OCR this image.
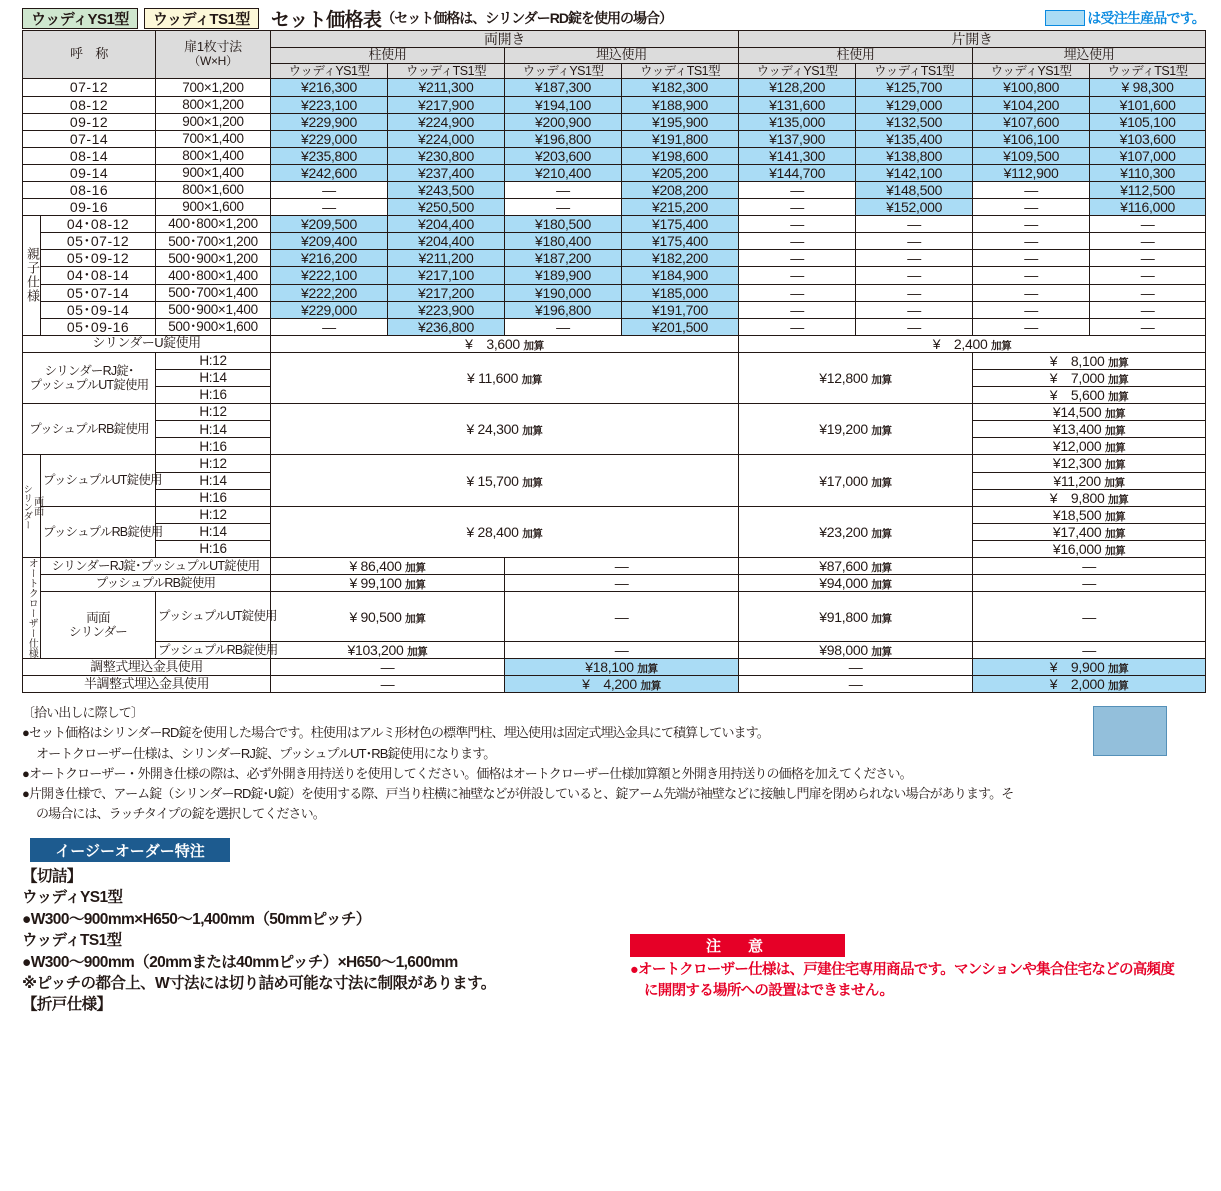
ウッディYS1型	ウッディTS1型	セット価格表 （セット価格は、シリンダーRD錠を使用の場合）	は受注生産品です。
呼　称		扉1枚寸法
（W×H）	両開き				片開き			
			柱使用		埋込使用		柱使用		埋込使用	
			ウッディYS1型	ウッディTS1型	ウッディYS1型	ウッディTS1型	ウッディYS1型	ウッディTS1型	ウッディYS1型	ウッディTS1型
07-12		700×1,200	¥216,300	¥211,300	¥187,300	¥182,300	¥128,200	¥125,700	¥100,800	¥ 98,300
08-12		800×1,200	¥223,100	¥217,900	¥194,100	¥188,900	¥131,600	¥129,000	¥104,200	¥101,600
09-12		900×1,200	¥229,900	¥224,900	¥200,900	¥195,900	¥135,000	¥132,500	¥107,600	¥105,100
07-14		700×1,400	¥229,000	¥224,000	¥196,800	¥191,800	¥137,900	¥135,400	¥106,100	¥103,600
08-14		800×1,400	¥235,800	¥230,800	¥203,600	¥198,600	¥141,300	¥138,800	¥109,500	¥107,000
09-14		900×1,400	¥242,600	¥237,400	¥210,400	¥205,200	¥144,700	¥142,100	¥112,900	¥110,300
08-16		800×1,600	—	¥243,500	—	¥208,200	—	¥148,500	—	¥112,500
09-16		900×1,600	—	¥250,500	—	¥215,200	—	¥152,000	—	¥116,000

親子仕様	04･08-12	400･800×1,200	¥209,500	¥204,400	¥180,500	¥175,400	—	—	—	—
	05･07-12	500･700×1,200	¥209,400	¥204,400	¥180,400	¥175,400	—	—	—	—
	05･09-12	500･900×1,200	¥216,200	¥211,200	¥187,200	¥182,200	—	—	—	—
	04･08-14	400･800×1,400	¥222,100	¥217,100	¥189,900	¥184,900	—	—	—	—
	05･07-14	500･700×1,400	¥222,200	¥217,200	¥190,000	¥185,000	—	—	—	—
	05･09-14	500･900×1,400	¥229,000	¥223,900	¥196,800	¥191,700	—	—	—	—
	05･09-16	500･900×1,600	—	¥236,800	—	¥201,500	—	—	—	—
シリンダーU錠使用			¥　3,600 加算				¥　2,400 加算			

シリンダーRJ錠･
プッシュプルUT錠使用		H:12	¥ 11,600 加算				¥12,800 加算		¥　8,100 加算	
		H:14							¥　7,000 加算	
		H:16							¥　5,600 加算	

プッシュプルRB錠使用		H:12	¥ 24,300 加算				¥19,200 加算		¥14,500 加算	
		H:14							¥13,400 加算	
		H:16							¥12,000 加算	

シリンダー 両面	プッシュプルUT錠使用	H:12	¥ 15,700 加算				¥17,000 加算		¥12,300 加算	
		H:14							¥11,200 加算	
		H:16							¥　9,800 加算	
	プッシュプルRB錠使用	H:12	¥ 28,400 加算				¥23,200 加算		¥18,500 加算	
		H:14							¥17,400 加算	
		H:16							¥16,000 加算	

オートクローザー仕様	シリンダーRJ錠･プッシュプルUT錠使用		¥ 86,400 加算		—		¥87,600 加算		—	
	プッシュプルRB錠使用		¥ 99,100 加算		—		¥94,000 加算		—	

	両面
シリンダー	プッシュプルUT錠使用	¥ 90,500 加算		—		¥91,800 加算		—	
		プッシュプルRB錠使用	¥103,200 加算		—		¥98,000 加算		—	
調整式埋込金具使用			—		¥18,100 加算		—		¥　9,900 加算	
半調整式埋込金具使用			—		¥　4,200 加算		—		¥　2,000 加算	
〔拾い出しに際して〕
●セット価格はシリンダーRD錠を使用した場合です。柱使用はアルミ形材色の標準門柱、埋込使用は固定式埋込金具にて積算しています。
オートクローザー仕様は、シリンダーRJ錠、プッシュプルUT･RB錠使用になります。
●オートクローザー・外開き仕様の際は、必ず外開き用持送りを使用してください。価格はオートクローザー仕様加算額と外開き用持送りの価格を加えてください。
●片開き仕様で、アーム錠（シリンダーRD錠･U錠）を使用する際、戸当り柱横に袖壁などが併設していると、錠アーム先端が袖壁などに接触し門扉を閉められない場合があります。そ
の場合には、ラッチタイプの錠を選択してください。
イージーオーダー特注
【切詰】
ウッディYS1型
●W300〜900mm×H650〜1,400mm（50mmピッチ）
ウッディTS1型
●W300〜900mm（20mmまたは40mmピッチ）×H650〜1,600mm
※ピッチの都合上、W寸法には切り詰め可能な寸法に制限があります。
【折戸仕様】
注　意
●オートクローザー仕様は、戸建住宅専用商品です。マンションや集合住宅などの高頻度
に開閉する場所への設置はできません。
